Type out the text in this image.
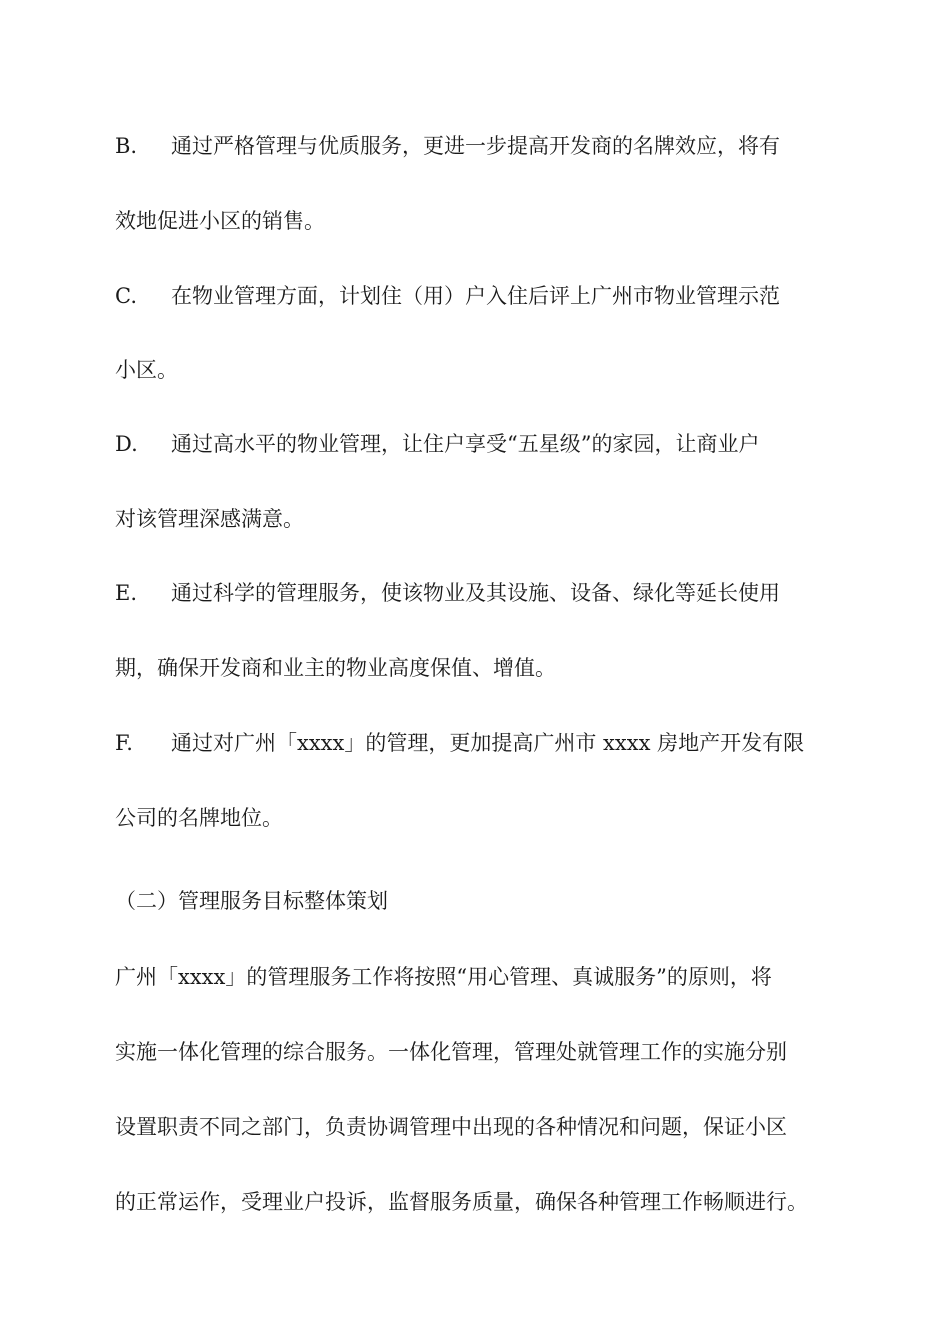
B. 通过严格管理与优质服务，更进一步提高开发商的名牌效应，将有
效地促进小区的销售。
C. 在物业管理方面，计划住（用）户入住后评上广州市物业管理示范
小区。
D. 通过高水平的物业管理，让住户享受“五星级”的家园，让商业户
对该管理深感满意。
E. 通过科学的管理服务，使该物业及其设施、设备、绿化等延长使用
期，确保开发商和业主的物业高度保值、增值。
F. 通过对广州「xxxx」的管理，更加提高广州市 xxxx 房地产开发有限
公司的名牌地位。
（二）管理服务目标整体策划
广州「xxxx」的管理服务工作将按照“用心管理、真诚服务”的原则，将
实施一体化管理的综合服务。一体化管理，管理处就管理工作的实施分别
设置职责不同之部门，负责协调管理中出现的各种情况和问题，保证小区
的正常运作，受理业户投诉，监督服务质量，确保各种管理工作畅顺进行。
